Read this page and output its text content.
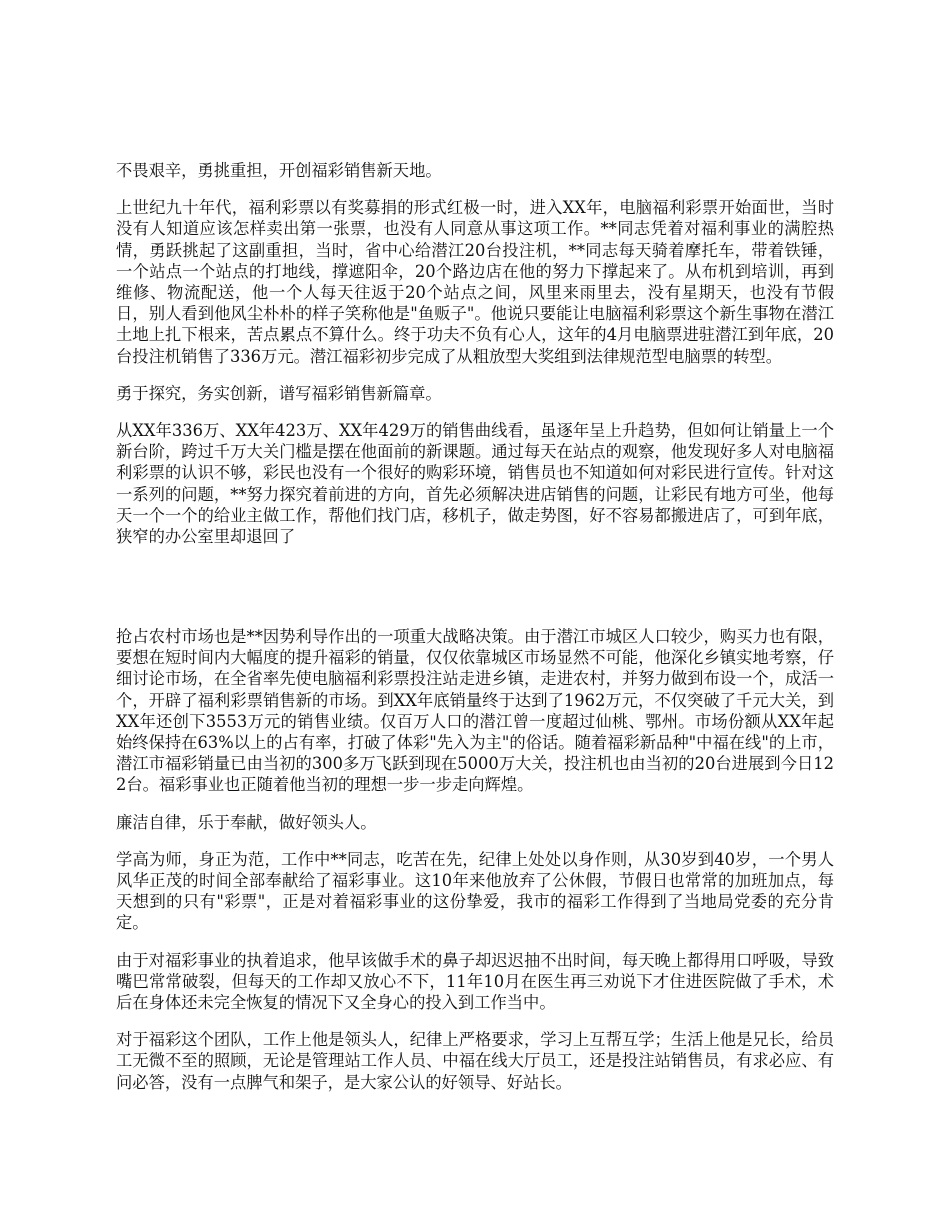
不畏艰辛，勇挑重担，开创福彩销售新天地。

上世纪九十年代，福利彩票以有奖募捐的形式红极一时，进入XX年，电脑福利彩票开始面世，当时没有人知道应该怎样卖出第一张票，也没有人同意从事这项工作。**同志凭着对福利事业的满腔热情，勇跃挑起了这副重担，当时，省中心给潜江20台投注机，**同志每天骑着摩托车，带着铁锤，一个站点一个站点的打地线，撑遮阳伞，20个路边店在他的努力下撑起来了。从布机到培训，再到维修、物流配送，他一个人每天往返于20个站点之间，风里来雨里去，没有星期天，也没有节假日，别人看到他风尘朴朴的样子笑称他是"鱼贩子"。他说只要能让电脑福利彩票这个新生事物在潜江土地上扎下根来，苦点累点不算什么。终于功夫不负有心人，这年的4月电脑票进驻潜江到年底，20台投注机销售了336万元。潜江福彩初步完成了从粗放型大奖组到法律规范型电脑票的转型。

勇于探究，务实创新，谱写福彩销售新篇章。

从XX年336万、XX年423万、XX年429万的销售曲线看，虽逐年呈上升趋势，但如何让销量上一个新台阶，跨过千万大关门槛是摆在他面前的新课题。通过每天在站点的观察，他发现好多人对电脑福利彩票的认识不够，彩民也没有一个很好的购彩环境，销售员也不知道如何对彩民进行宣传。针对这一系列的问题，**努力探究着前进的方向，首先必须解决进店销售的问题，让彩民有地方可坐，他每天一个一个的给业主做工作，帮他们找门店，移机子，做走势图，好不容易都搬进店了，可到年底，狭窄的办公室里却退回了

抢占农村市场也是**因势利导作出的一项重大战略决策。由于潜江市城区人口较少，购买力也有限，要想在短时间内大幅度的提升福彩的销量，仅仅依靠城区市场显然不可能，他深化乡镇实地考察，仔细讨论市场，在全省率先使电脑福利彩票投注站走进乡镇，走进农村，并努力做到布设一个，成活一个，开辟了福利彩票销售新的市场。到XX年底销量终于达到了1962万元，不仅突破了千元大关，到XX年还创下3553万元的销售业绩。仅百万人口的潜江曾一度超过仙桃、鄂州。市场份额从XX年起始终保持在63%以上的占有率，打破了体彩"先入为主"的俗话。随着福彩新品种"中福在线"的上市，潜江市福彩销量已由当初的300多万飞跃到现在5000万大关，投注机也由当初的20台进展到今日122台。福彩事业也正随着他当初的理想一步一步走向辉煌。

廉洁自律，乐于奉献，做好领头人。

学高为师，身正为范，工作中**同志，吃苦在先，纪律上处处以身作则，从30岁到40岁，一个男人风华正茂的时间全部奉献给了福彩事业。这10年来他放弃了公休假，节假日也常常的加班加点，每天想到的只有"彩票"，正是对着福彩事业的这份挚爱，我市的福彩工作得到了当地局党委的充分肯定。

由于对福彩事业的执着追求，他早该做手术的鼻子却迟迟抽不出时间，每天晚上都得用口呼吸，导致嘴巴常常破裂，但每天的工作却又放心不下，11年10月在医生再三劝说下才住进医院做了手术，术后在身体还未完全恢复的情况下又全身心的投入到工作当中。

对于福彩这个团队，工作上他是领头人，纪律上严格要求，学习上互帮互学；生活上他是兄长，给员工无微不至的照顾，无论是管理站工作人员、中福在线大厅员工，还是投注站销售员，有求必应、有问必答，没有一点脾气和架子，是大家公认的好领导、好站长。
